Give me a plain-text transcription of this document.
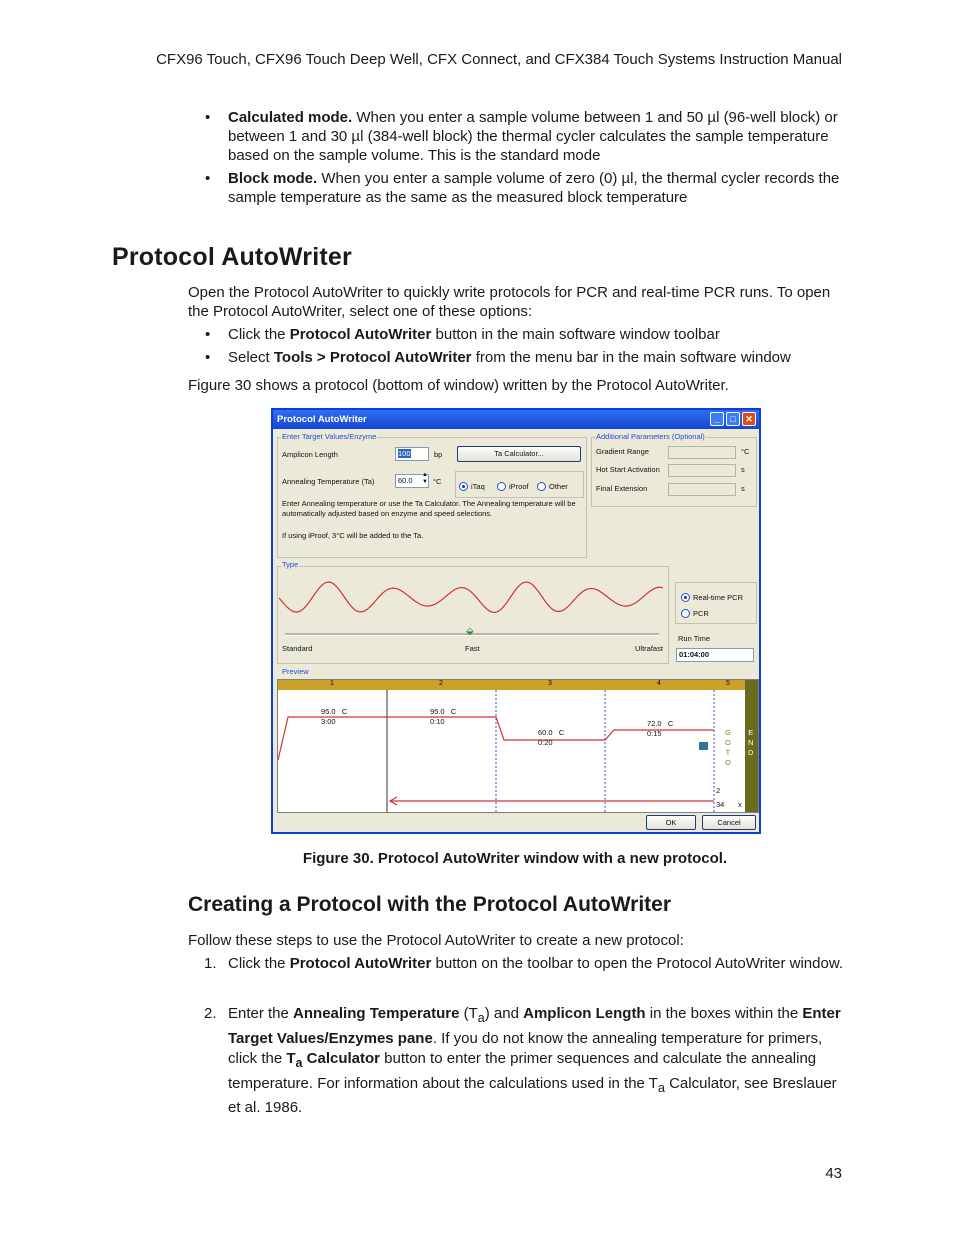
CFX96 Touch, CFX96 Touch Deep Well, CFX Connect, and CFX384 Touch Systems Instruction Manual
• Calculated mode. When you enter a sample volume between 1 and 50 µl (96-well block) or between 1 and 30 µl (384-well block) the thermal cycler calculates the sample temperature based on the sample volume. This is the standard mode
• Block mode. When you enter a sample volume of zero (0) µl, the thermal cycler records the sample temperature as the same as the measured block temperature
Protocol AutoWriter
Open the Protocol AutoWriter to quickly write protocols for PCR and real-time PCR runs. To open the Protocol AutoWriter, select one of these options:
• Click the Protocol AutoWriter button in the main software window toolbar
• Select Tools > Protocol AutoWriter from the menu bar in the main software window
Figure 30 shows a protocol (bottom of window) written by the Protocol AutoWriter.
Protocol AutoWriter	_	□	✕
Enter Target Values/Enzyme
Amplicon Length	100	bp	Ta Calculator...
Annealing Temperature (Ta)	60.0
▲
▼ °C
iTaq	iProof	Other
Enter Annealing temperature or use the Ta Calculator. The Annealing temperature will be automatically adjusted based on enzyme and speed selections.
If using iProof, 3°C will be added to the Ta.
Additional Parameters (Optional)
Gradient Range	°C
Hot Start Activation	s
Final Extension	s
Type
⬙
Standard	Fast	Ultrafast
Real-time PCR
PCR
Run Time
01:04:00
Preview
1	2	3	4	5
95.0 C
3:00
95.0 C
0:10
60.0 C
0:20
72.0 C
0:15	G
O
T
O
E
N
D
2
34 x
OK	Cancel
Figure 30. Protocol AutoWriter window with a new protocol.
Creating a Protocol with the Protocol AutoWriter
Follow these steps to use the Protocol AutoWriter to create a new protocol:
1. Click the Protocol AutoWriter button on the toolbar to open the Protocol AutoWriter window.
2. Enter the Annealing Temperature $(T_a)$ and Amplicon Length in the boxes within the Enter Target Values/Enzymes pane. If you do not know the annealing temperature for primers, click the $T_a$ Calculator button to enter the primer sequences and calculate the annealing temperature. For information about the calculations used in the $T_a$ Calculator, see Breslauer et al. 1986.
43
